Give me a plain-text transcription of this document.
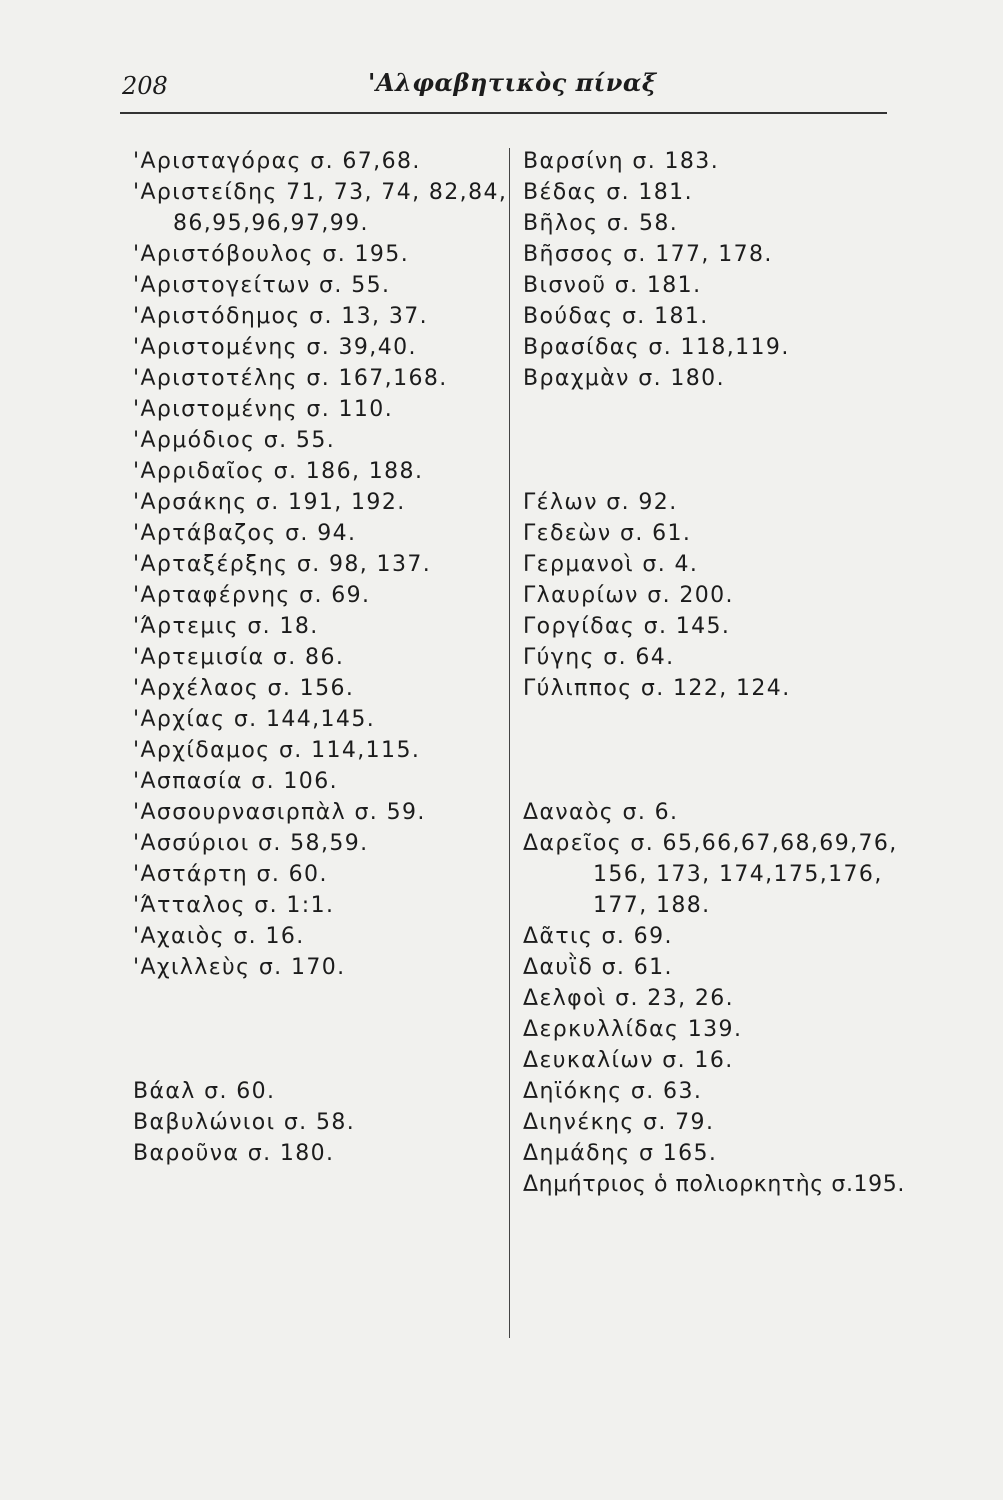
208	'Αλφαβητικὸς πίναξ
'Αρισταγόρας σ. 67,68.
'Αριστείδης 71, 73, 74, 82,84,
86,95,96,97,99.
'Αριστόβουλος σ. 195.
'Αριστογείτων σ. 55.
'Αριστόδημος σ. 13, 37.
'Αριστομένης σ. 39,40.
'Αριστοτέλης σ. 167,168.
'Αριστομένης σ. 110.
'Αρμόδιος σ. 55.
'Αρριδαῖος σ. 186, 188.
'Αρσάκης σ. 191, 192.
'Αρτάβαζος σ. 94.
'Αρταξέρξης σ. 98, 137.
'Αρταφέρνης σ. 69.
'Άρτεμις σ. 18.
'Αρτεμισία σ. 86.
'Αρχέλαος σ. 156.
'Αρχίας σ. 144,145.
'Αρχίδαμος σ. 114,115.
'Ασπασία σ. 106.
'Ασσουρνασιρπὰλ σ. 59.
'Ασσύριοι σ. 58,59.
'Αστάρτη σ. 60.
'Άτταλος σ. 1:1.
'Αχαιὸς σ. 16.
'Αχιλλεὺς σ. 170.
Βάαλ σ. 60.
Βαβυλώνιοι σ. 58.
Βαροῦνα σ. 180.
Βαρσίνη σ. 183.
Βέδας σ. 181.
Βῆλος σ. 58.
Βῆσσος σ. 177, 178.
Βισνοῦ σ. 181.
Βούδας σ. 181.
Βρασίδας σ. 118,119.
Βραχμὰν σ. 180.
Γέλων σ. 92.
Γεδεὼν σ. 61.
Γερμανοὶ σ. 4.
Γλαυρίων σ. 200.
Γοργίδας σ. 145.
Γύγης σ. 64.
Γύλιππος σ. 122, 124.
Δαναὸς σ. 6.
Δαρεῖος σ. 65,66,67,68,69,76,
156, 173, 174,175,176,
177, 188.
Δᾶτις σ. 69.
Δαυῒδ σ. 61.
Δελφοὶ σ. 23, 26.
Δερκυλλίδας 139.
Δευκαλίων σ. 16.
Δηϊόκης σ. 63.
Διηνέκης σ. 79.
Δημάδης σ 165.
Δημήτριος ὁ πολιορκητὴς σ.195.
